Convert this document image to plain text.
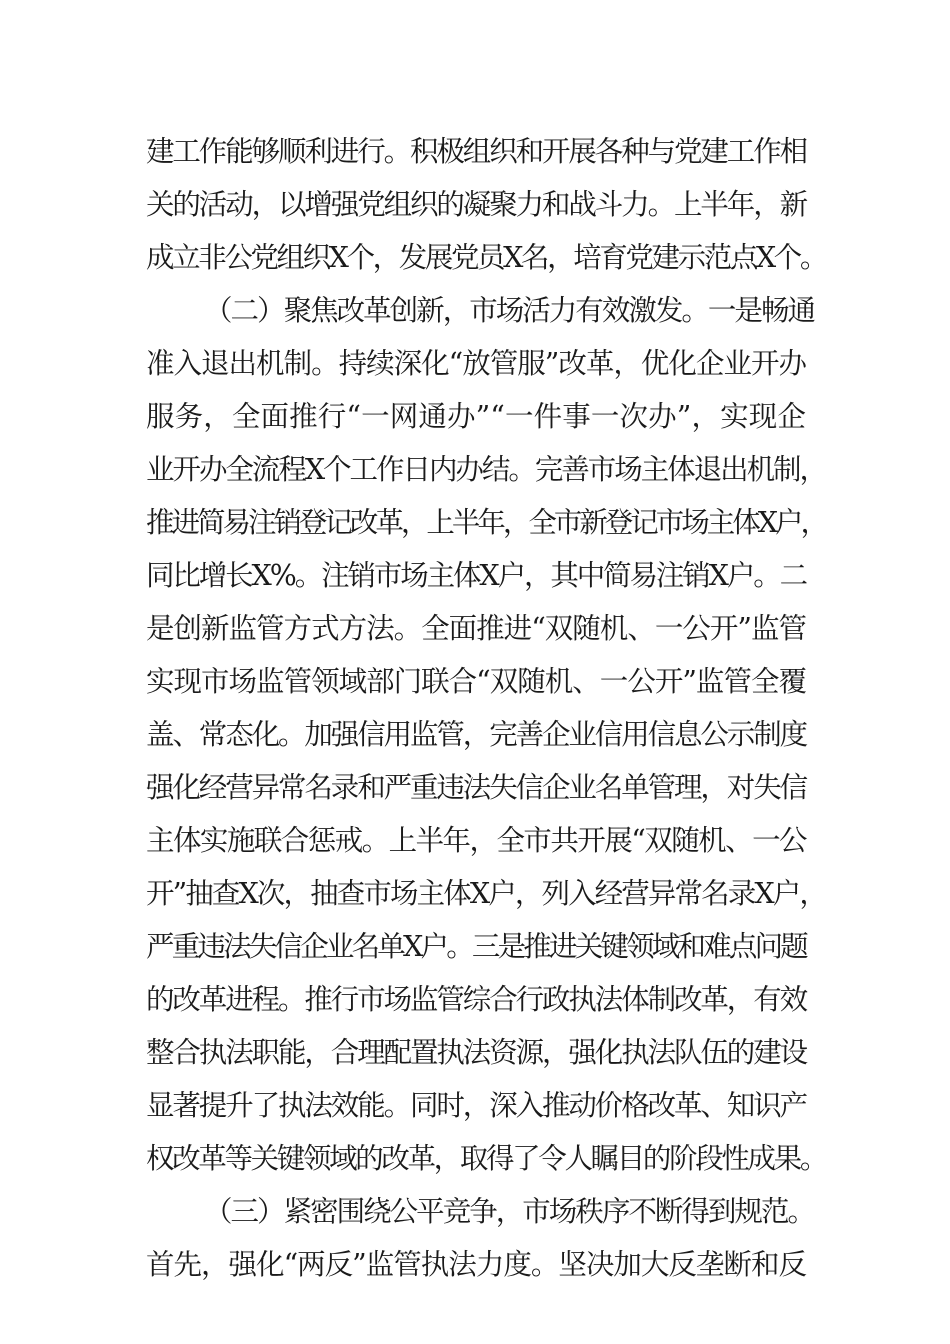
建工作能够顺利进行。积极组织和开展各种与党建工作相
关的活动，以增强党组织的凝聚力和战斗力。上半年，新
成立非公党组织X个，发展党员X名，培育党建示范点X个。
（二）聚焦改革创新，市场活力有效激发。一是畅通
准入退出机制。持续深化“放管服”改革，优化企业开办
服务，全面推行“一网通办”“一件事一次办”，实现企
业开办全流程X个工作日内办结。完善市场主体退出机制，
推进简易注销登记改革，上半年，全市新登记市场主体X户，
同比增长X%。注销市场主体X户，其中简易注销X户。二
是创新监管方式方法。全面推进“双随机、一公开”监管
实现市场监管领域部门联合“双随机、一公开”监管全覆
盖、常态化。加强信用监管，完善企业信用信息公示制度
强化经营异常名录和严重违法失信企业名单管理，对失信
主体实施联合惩戒。上半年，全市共开展“双随机、一公
开”抽查X次，抽查市场主体X户，列入经营异常名录X户，
严重违法失信企业名单X户。三是推进关键领域和难点问题
的改革进程。推行市场监管综合行政执法体制改革，有效
整合执法职能，合理配置执法资源，强化执法队伍的建设
显著提升了执法效能。同时，深入推动价格改革、知识产
权改革等关键领域的改革，取得了令人瞩目的阶段性成果。
（三）紧密围绕公平竞争，市场秩序不断得到规范。
首先，强化“两反”监管执法力度。坚决加大反垄断和反
